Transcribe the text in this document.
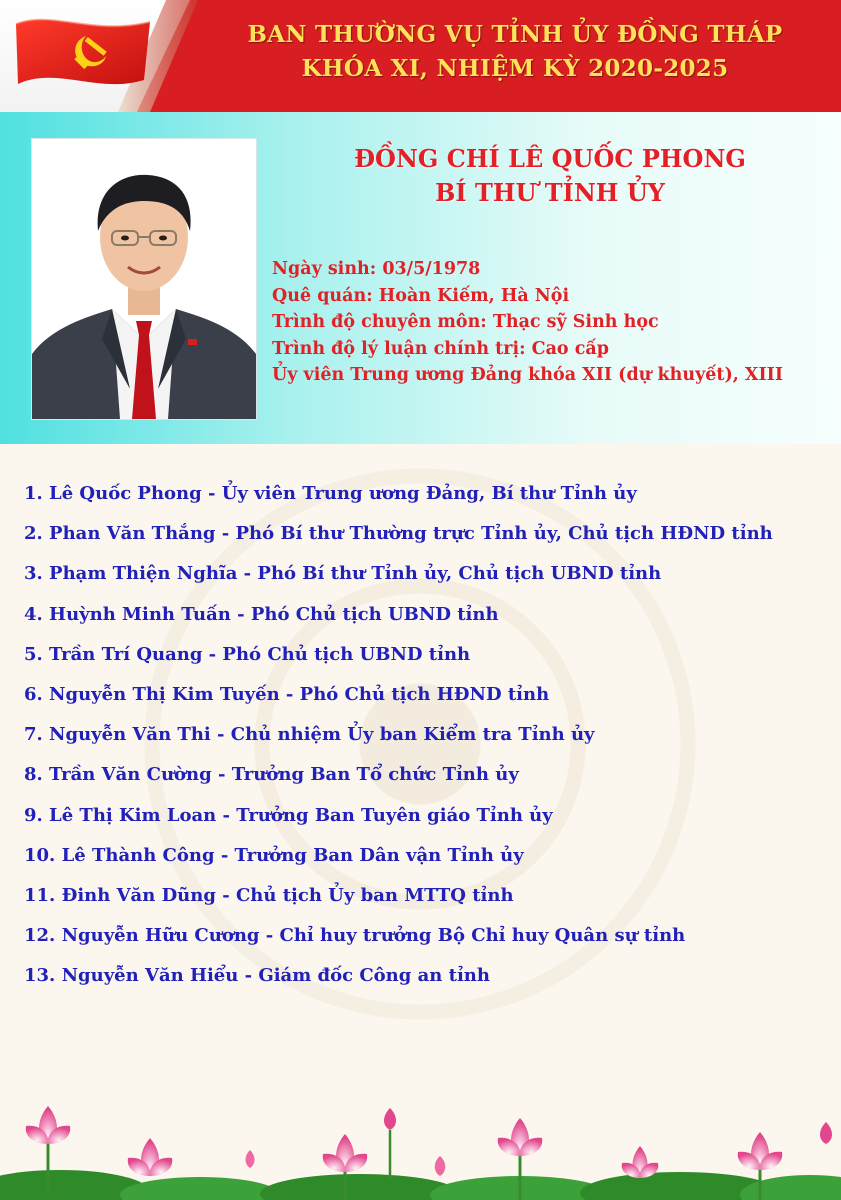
BAN THƯỜNG VỤ TỈNH ỦY ĐỒNG THÁP
KHÓA XI, NHIỆM KỲ 2020-2025
ĐỒNG CHÍ LÊ QUỐC PHONG
BÍ THƯ TỈNH ỦY
Ngày sinh: 03/5/1978
Quê quán: Hoàn Kiếm, Hà Nội
Trình độ chuyên môn: Thạc sỹ Sinh học
Trình độ lý luận chính trị: Cao cấp
Ủy viên Trung ương Đảng khóa XII (dự khuyết), XIII
1. Lê Quốc Phong - Ủy viên Trung ương Đảng, Bí thư Tỉnh ủy
2. Phan Văn Thắng - Phó Bí thư Thường trực Tỉnh ủy, Chủ tịch HĐND tỉnh
3. Phạm Thiện Nghĩa - Phó Bí thư Tỉnh ủy, Chủ tịch UBND tỉnh
4. Huỳnh Minh Tuấn - Phó Chủ tịch UBND tỉnh
5. Trần Trí Quang - Phó Chủ tịch UBND tỉnh
6. Nguyễn Thị Kim Tuyến - Phó Chủ tịch HĐND tỉnh
7. Nguyễn Văn Thi - Chủ nhiệm Ủy ban Kiểm tra Tỉnh ủy
8. Trần Văn Cường - Trưởng Ban Tổ chức Tỉnh ủy
9. Lê Thị Kim Loan - Trưởng Ban Tuyên giáo Tỉnh ủy
10. Lê Thành Công - Trưởng Ban Dân vận Tỉnh ủy
11. Đinh Văn Dũng - Chủ tịch Ủy ban MTTQ tỉnh
12. Nguyễn Hữu Cương - Chỉ huy trưởng Bộ Chỉ huy Quân sự tỉnh
13. Nguyễn Văn Hiểu - Giám đốc Công an tỉnh
